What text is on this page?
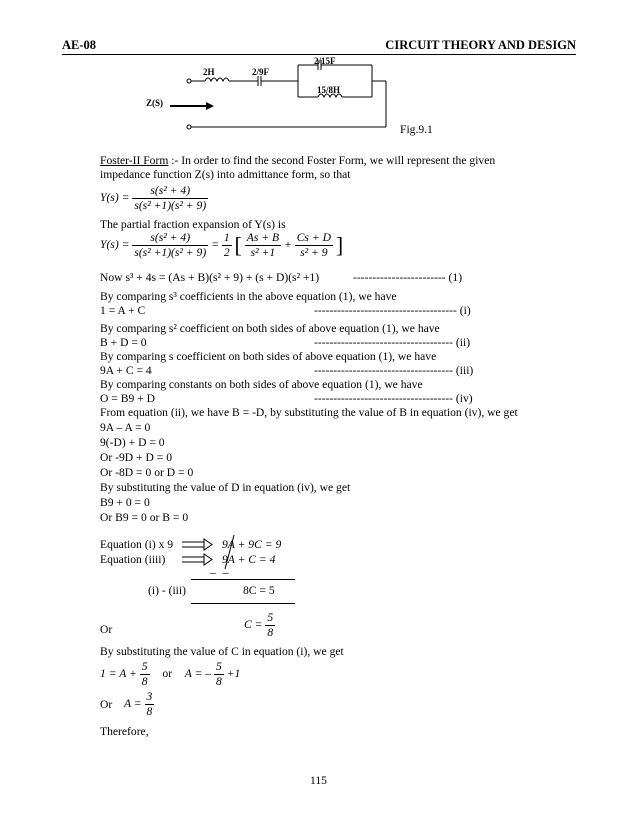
AE-08	CIRCUIT THEORY AND DESIGN
2H	2/9F
2/15F
15/8H
Z(S)
Fig.9.1
Foster-II Form :- In order to find the second Foster Form, we will represent the given
impedance function Z(s) into admittance form, so that
$Y(s) = \frac{\text{s(s² + 4)}}{\text{s(s² +1)(s² + 9)}}$
The partial fraction expansion of Y(s) is
$Y(s) = \frac{\text{s(s² + 4)}}{\text{s(s² +1)(s² + 9)}} = \frac{1}{2}$ [ $\frac{As + B}{\text{s² +1}} + \frac{Cs + D}{\text{s² + 9}}$ ]
Now s³ + 4s = (As + B)(s² + 9) + (s + D)(s² +1)	------------------------ (1)
By comparing s³ coefficients in the above equation (1), we have
1 = A + C	------------------------------------- (i)
By comparing s² coefficient on both sides of above equation (1), we have
B + D = 0	------------------------------------ (ii)
By comparing s coefficient on both sides of above equation (1), we have
9A + C = 4	------------------------------------ (iii)
By comparing constants on both sides of above equation (1), we have
O = B9 + D	------------------------------------ (iv)
From equation (ii), we have B = -D, by substituting the value of B in equation (iv), we get
9A – A = 0
9(-D) + D = 0
Or -9D + D = 0
Or -8D = 0 or D = 0
By substituting the value of D in equation (iv), we get
B9 + 0 = 0
Or B9 = 0 or B = 0
Equation (i) x 9	9A + 9C = 9
Equation (iiii)	9A + C = 4
– –
(i) - (iii)	8C = 5
Or	$C = \frac{5}{8}$
By substituting the value of C in equation (i), we get
$1 = A + \frac{5}{8}$ or A = – $\frac{5}{8} +1$
Or $A = \frac{3}{8}$
Therefore,
115
